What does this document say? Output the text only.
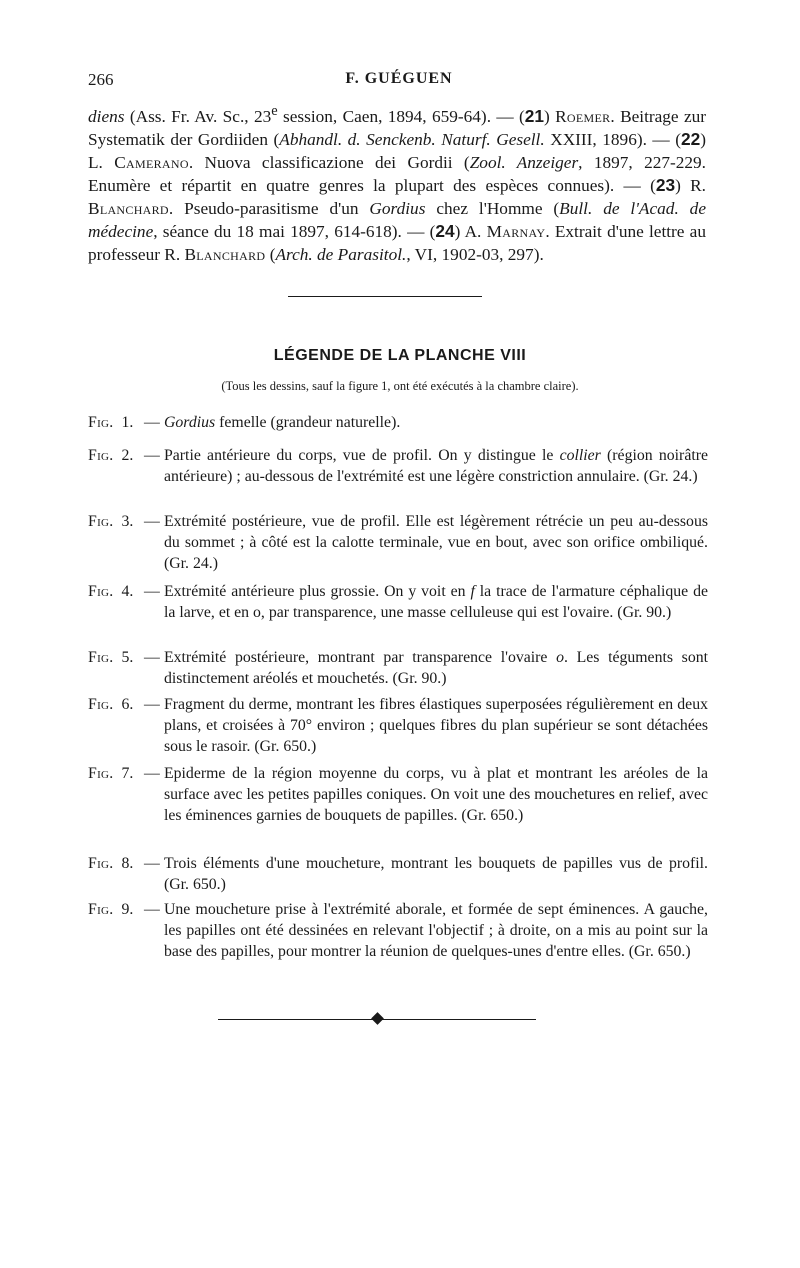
266	F. GUÉGUEN

diens (Ass. Fr. Av. Sc., 23e session, Caen, 1894, 659-64). — (21) Roemer. Beitrage zur Systematik der Gordiiden (Abhandl. d. Senckenb. Naturf. Gesell. XXIII, 1896). — (22) L. Camerano. Nuova classificazione dei Gordii (Zool. Anzeiger, 1897, 227-229. Enumère et répartit en quatre genres la plupart des espèces connues). — (23) R. Blanchard. Pseudo-parasitisme d'un Gordius chez l'Homme (Bull. de l'Acad. de médecine, séance du 18 mai 1897, 614-618). — (24) A. Marnay. Extrait d'une lettre au professeur R. Blanchard (Arch. de Parasitol., VI, 1902-03, 297).

LÉGENDE DE LA PLANCHE VIII
(Tous les dessins, sauf la figure 1, ont été exécutés à la chambre claire).
Fig. 1. — Gordius femelle (grandeur naturelle).
Fig. 2. — Partie antérieure du corps, vue de profil. On y distingue le collier (région noirâtre antérieure) ; au-dessous de l'extrémité est une légère constriction annulaire. (Gr. 24.)
Fig. 3. — Extrémité postérieure, vue de profil. Elle est légèrement rétrécie un peu au-dessous du sommet ; à côté est la calotte terminale, vue en bout, avec son orifice ombiliqué. (Gr. 24.)
Fig. 4. — Extrémité antérieure plus grossie. On y voit en f la trace de l'armature céphalique de la larve, et en o, par transparence, une masse celluleuse qui est l'ovaire. (Gr. 90.)
Fig. 5. — Extrémité postérieure, montrant par transparence l'ovaire o. Les téguments sont distinctement aréolés et mouchetés. (Gr. 90.)
Fig. 6. — Fragment du derme, montrant les fibres élastiques superposées régulièrement en deux plans, et croisées à 70° environ ; quelques fibres du plan supérieur se sont détachées sous le rasoir. (Gr. 650.)
Fig. 7. — Epiderme de la région moyenne du corps, vu à plat et montrant les aréoles de la surface avec les petites papilles coniques. On voit une des mouchetures en relief, avec les éminences garnies de bouquets de papilles. (Gr. 650.)
Fig. 8. — Trois éléments d'une moucheture, montrant les bouquets de papilles vus de profil. (Gr. 650.)
Fig. 9. — Une moucheture prise à l'extrémité aborale, et formée de sept éminences. A gauche, les papilles ont été dessinées en relevant l'objectif ; à droite, on a mis au point sur la base des papilles, pour montrer la réunion de quelques-unes d'entre elles. (Gr. 650.)
